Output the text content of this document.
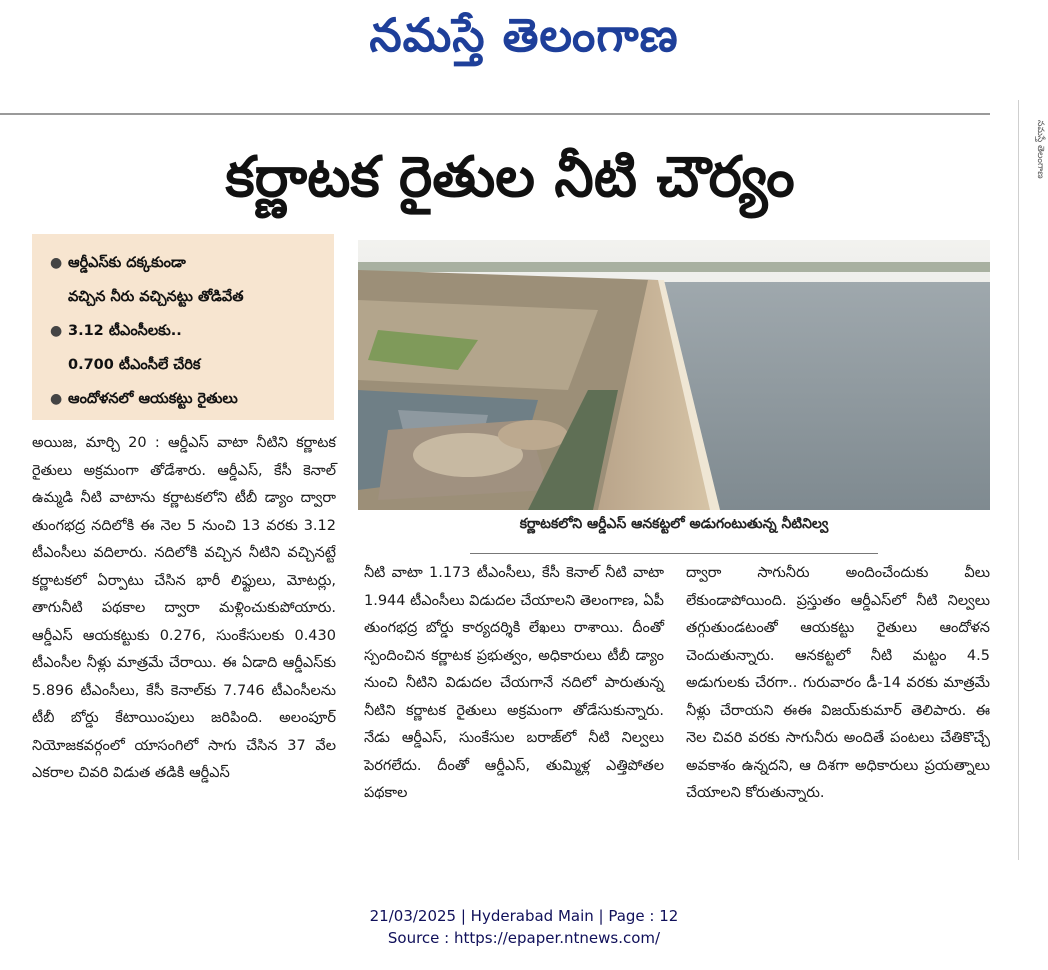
నమస్తే తెలంగాణ
నమస్తే తెలంగాణ
కర్ణాటక రైతుల నీటి చౌర్యం
● ఆర్డీఎస్‌కు దక్కకుండా
వచ్చిన నీరు వచ్చినట్టు తోడివేత
● 3.12 టీఎంసీలకు..
0.700 టీఎంసీలే చేరిక
● ఆందోళనలో ఆయకట్టు రైతులు
కర్ణాటకలోని ఆర్డీఎస్ ఆనకట్టలో అడుగంటుతున్న నీటినిల్వ
అయిజ, మార్చి 20 : ఆర్డీఎస్ వాటా నీటిని కర్ణాటక రైతులు అక్రమంగా తోడేశారు. ఆర్డీఎస్, కేసీ కెనాల్ ఉమ్మడి నీటి వాటాను కర్ణాటకలోని టీబీ డ్యాం ద్వారా తుంగభద్ర నదిలోకి ఈ నెల 5 నుంచి 13 వరకు 3.12 టీఎంసీలు వదిలారు. నదిలోకి వచ్చిన నీటిని వచ్చినట్టే కర్ణాటకలో ఏర్పాటు చేసిన భారీ లిఫ్టులు, మోటర్లు, తాగునీటి పథకాల ద్వారా మళ్లించుకుపోయారు. ఆర్డీఎస్ ఆయకట్టుకు 0.276, సుంకేసులకు 0.430 టీఎంసీల నీళ్లు మాత్రమే చేరాయి. ఈ ఏడాది ఆర్డీఎస్‌కు 5.896 టీఎంసీలు, కేసీ కెనాల్‌కు 7.746 టీఎంసీలను టీబీ బోర్డు కేటాయింపులు జరిపింది. అలంపూర్ నియోజకవర్గంలో యాసంగిలో సాగు చేసిన 37 వేల ఎకరాల చివరి విడుత తడికి ఆర్డీఎస్
నీటి వాటా 1.173 టీఎంసీలు, కేసీ కెనాల్ నీటి వాటా 1.944 టీఎంసీలు విడుదల చేయాలని తెలంగాణ, ఏపీ తుంగభద్ర బోర్డు కార్యదర్శికి లేఖలు రాశాయి. దీంతో స్పందించిన కర్ణాటక ప్రభుత్వం, అధికారులు టీబీ డ్యాం నుంచి నీటిని విడుదల చేయగానే నదిలో పారుతున్న నీటిని కర్ణాటక రైతులు అక్రమంగా తోడేసుకున్నారు. నేడు ఆర్డీఎస్, సుంకేసుల బరాజ్‌లో నీటి నిల్వలు పెరగలేదు. దీంతో ఆర్డీఎస్, తుమ్మిళ్ల ఎత్తిపోతల పథకాల
ద్వారా సాగునీరు అందించేందుకు వీలు లేకుండాపోయింది. ప్రస్తుతం ఆర్డీఎస్‌లో నీటి నిల్వలు తగ్గుతుండటంతో ఆయకట్టు రైతులు ఆందోళన చెందుతున్నారు. ఆనకట్టలో నీటి మట్టం 4.5 అడుగులకు చేరగా.. గురువారం డీ-14 వరకు మాత్రమే నీళ్లు చేరాయని ఈఈ విజయ్‌కుమార్ తెలిపారు. ఈ నెల చివరి వరకు సాగునీరు అందితే పంటలు చేతికొచ్చే అవకాశం ఉన్నదని, ఆ దిశగా అధికారులు ప్రయత్నాలు చేయాలని కోరుతున్నారు.
21/03/2025 | Hyderabad Main | Page : 12
Source : https://epaper.ntnews.com/
